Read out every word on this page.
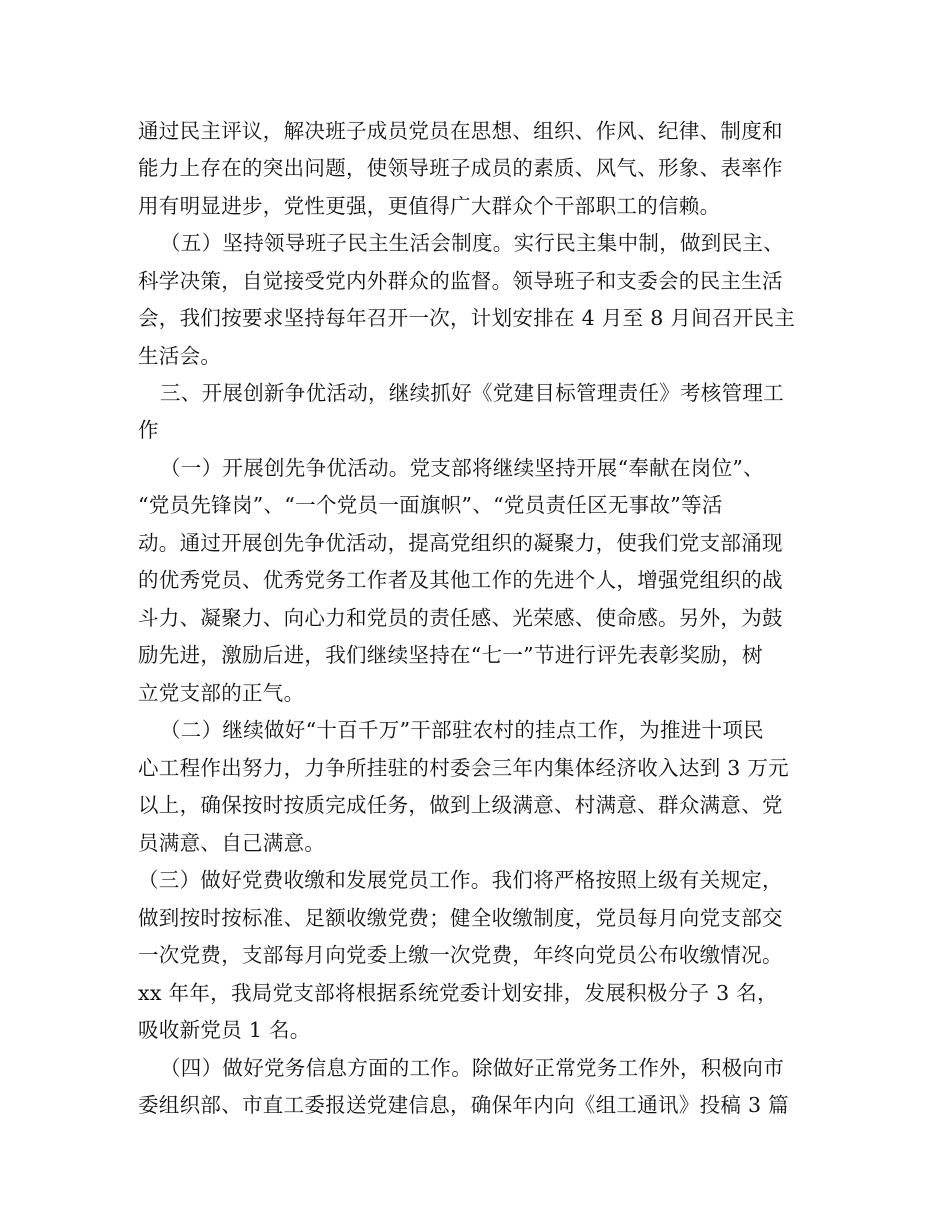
通过民主评议，解决班子成员党员在思想、组织、作风、纪律、制度和
能力上存在的突出问题，使领导班子成员的素质、风气、形象、表率作
用有明显进步，党性更强，更值得广大群众个干部职工的信赖。
（五）坚持领导班子民主生活会制度。实行民主集中制，做到民主、
科学决策，自觉接受党内外群众的监督。领导班子和支委会的民主生活
会，我们按要求坚持每年召开一次，计划安排在 4 月至 8 月间召开民主
生活会。
三、开展创新争优活动，继续抓好《党建目标管理责任》考核管理工
作
（一）开展创先争优活动。党支部将继续坚持开展“奉献在岗位”、
“党员先锋岗”、“一个党员一面旗帜”、“党员责任区无事故”等活
动。通过开展创先争优活动，提高党组织的凝聚力，使我们党支部涌现
的优秀党员、优秀党务工作者及其他工作的先进个人，增强党组织的战
斗力、凝聚力、向心力和党员的责任感、光荣感、使命感。另外，为鼓
励先进，激励后进，我们继续坚持在“七一”节进行评先表彰奖励，树
立党支部的正气。
（二）继续做好“十百千万”干部驻农村的挂点工作，为推进十项民
心工程作出努力，力争所挂驻的村委会三年内集体经济收入达到 3 万元
以上，确保按时按质完成任务，做到上级满意、村满意、群众满意、党
员满意、自己满意。
（三）做好党费收缴和发展党员工作。我们将严格按照上级有关规定，
做到按时按标准、足额收缴党费；健全收缴制度，党员每月向党支部交
一次党费，支部每月向党委上缴一次党费，年终向党员公布收缴情况。
xx 年年，我局党支部将根据系统党委计划安排，发展积极分子 3 名，
吸收新党员 1 名。
（四）做好党务信息方面的工作。除做好正常党务工作外，积极向市
委组织部、市直工委报送党建信息，确保年内向《组工通讯》投稿 3 篇
